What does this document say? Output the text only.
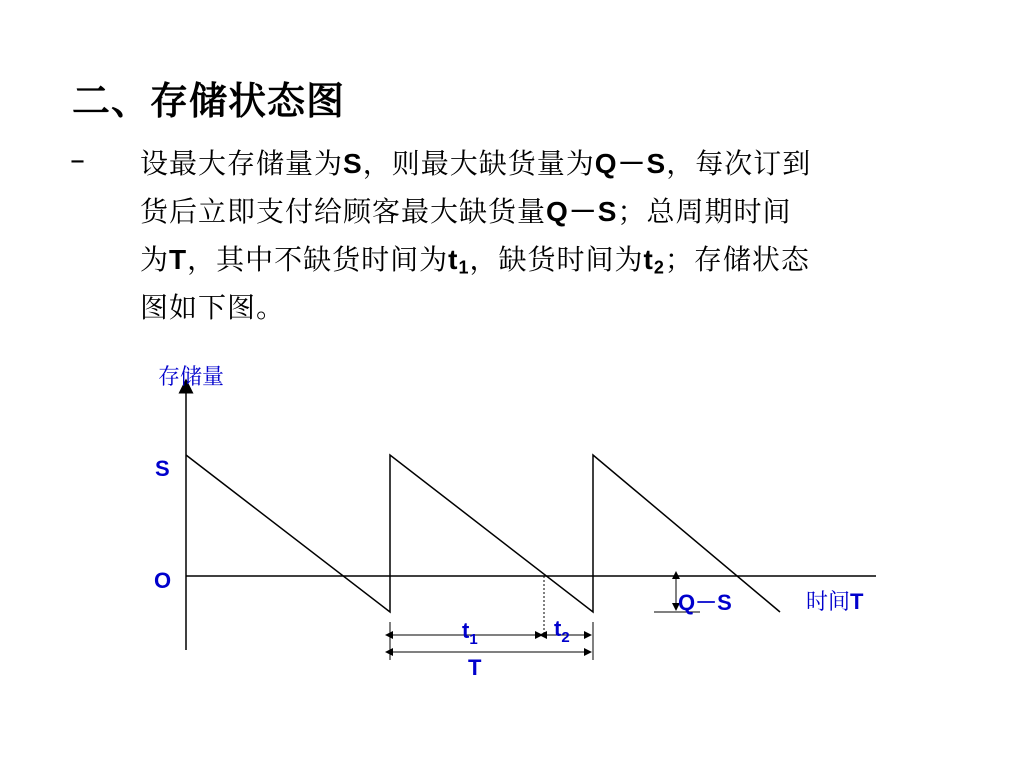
二、存储状态图
– 设最大存储量为S，则最大缺货量为Q－S，每次订到
货后立即支付给顾客最大缺货量Q－S；总周期时间
为T，其中不缺货时间为$t_1$，缺货时间为$t_2$；存储状态
图如下图。
存储量
S
O
Q－S	时间T
$t_1$	$t_2$
T
